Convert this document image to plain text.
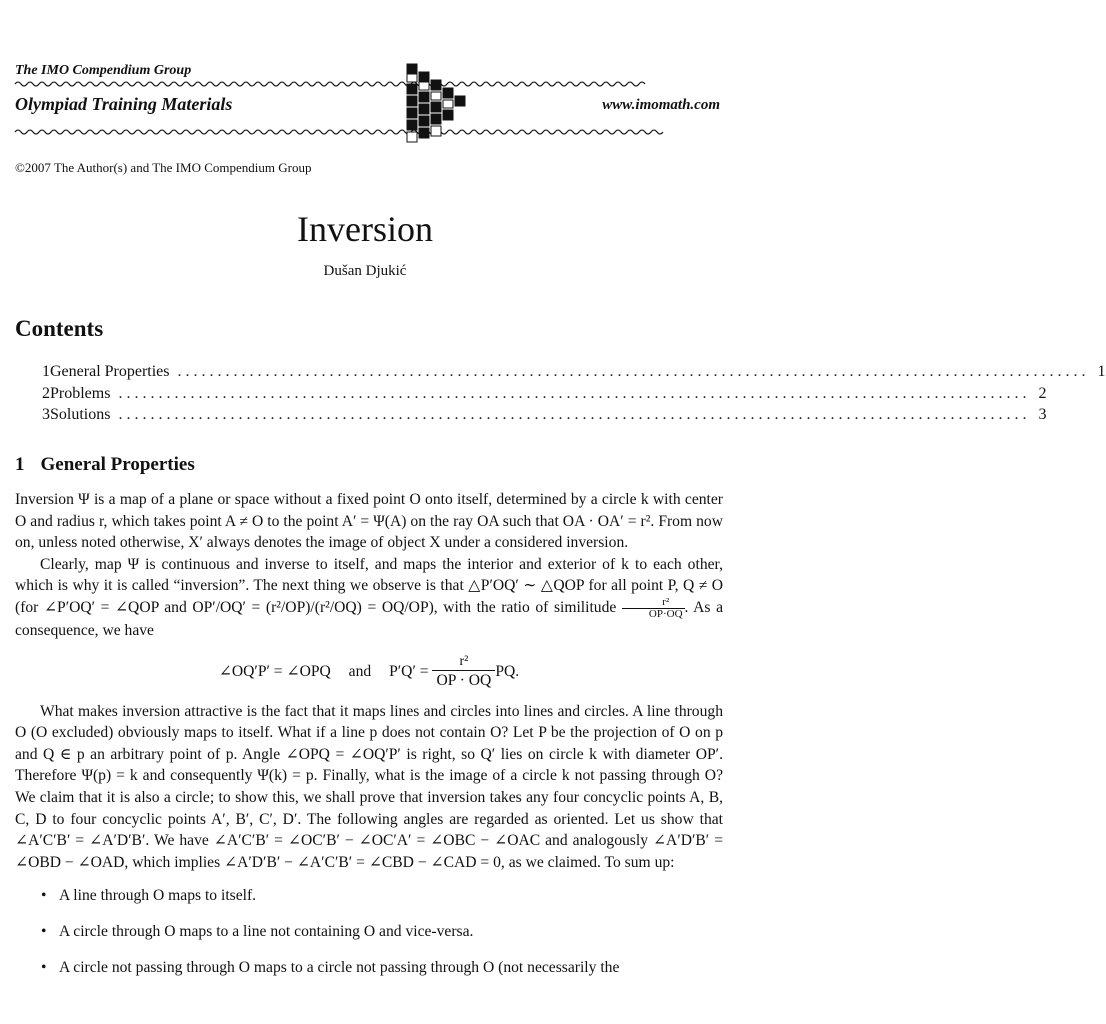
The IMO Compendium Group
Olympiad Training Materials	www.imomath.com
©2007 The Author(s) and The IMO Compendium Group
Inversion
Dušan Djukić
Contents
1 General Properties .................................................................................................................. 1
2 Problems .................................................................................................................. 2
3 Solutions .................................................................................................................. 3
1 General Properties

Inversion Ψ is a map of a plane or space without a fixed point O onto itself, determined by a circle k with center O and radius r, which takes point A ≠ O to the point A′ = Ψ(A) on the ray OA such that OA · OA′ = r². From now on, unless noted otherwise, X′ always denotes the image of object X under a considered inversion.

Clearly, map Ψ is continuous and inverse to itself, and maps the interior and exterior of k to each other, which is why it is called “inversion”. The next thing we observe is that △P′OQ′ ∼ △QOP for all point P, Q ≠ O (for ∠P′OQ′ = ∠QOP and OP′/OQ′ = (r²/OP)/(r²/OQ) = OQ/OP), with the ratio of similitude $\frac{\text{r²}}{OP\cdot OQ}$ . As a consequence, we have

∠OQ′P′ = ∠OPQ and $P'Q' = \frac{\text{r²}}{OP \cdot OQ}$ PQ.

What makes inversion attractive is the fact that it maps lines and circles into lines and circles. A line through O (O excluded) obviously maps to itself. What if a line p does not contain O? Let P be the projection of O on p and Q ∈ p an arbitrary point of p. Angle ∠OPQ = ∠OQ′P′ is right, so Q′ lies on circle k with diameter OP′. Therefore Ψ(p) = k and consequently Ψ(k) = p. Finally, what is the image of a circle k not passing through O? We claim that it is also a circle; to show this, we shall prove that inversion takes any four concyclic points A, B, C, D to four concyclic points A′, B′, C′, D′. The following angles are regarded as oriented. Let us show that ∠A′C′B′ = ∠A′D′B′. We have ∠A′C′B′ = ∠OC′B′ − ∠OC′A′ = ∠OBC − ∠OAC and analogously ∠A′D′B′ = ∠OBD − ∠OAD, which implies ∠A′D′B′ − ∠A′C′B′ = ∠CBD − ∠CAD = 0, as we claimed. To sum up:

• A line through O maps to itself.
• A circle through O maps to a line not containing O and vice-versa.
• A circle not passing through O maps to a circle not passing through O (not necessarily the
